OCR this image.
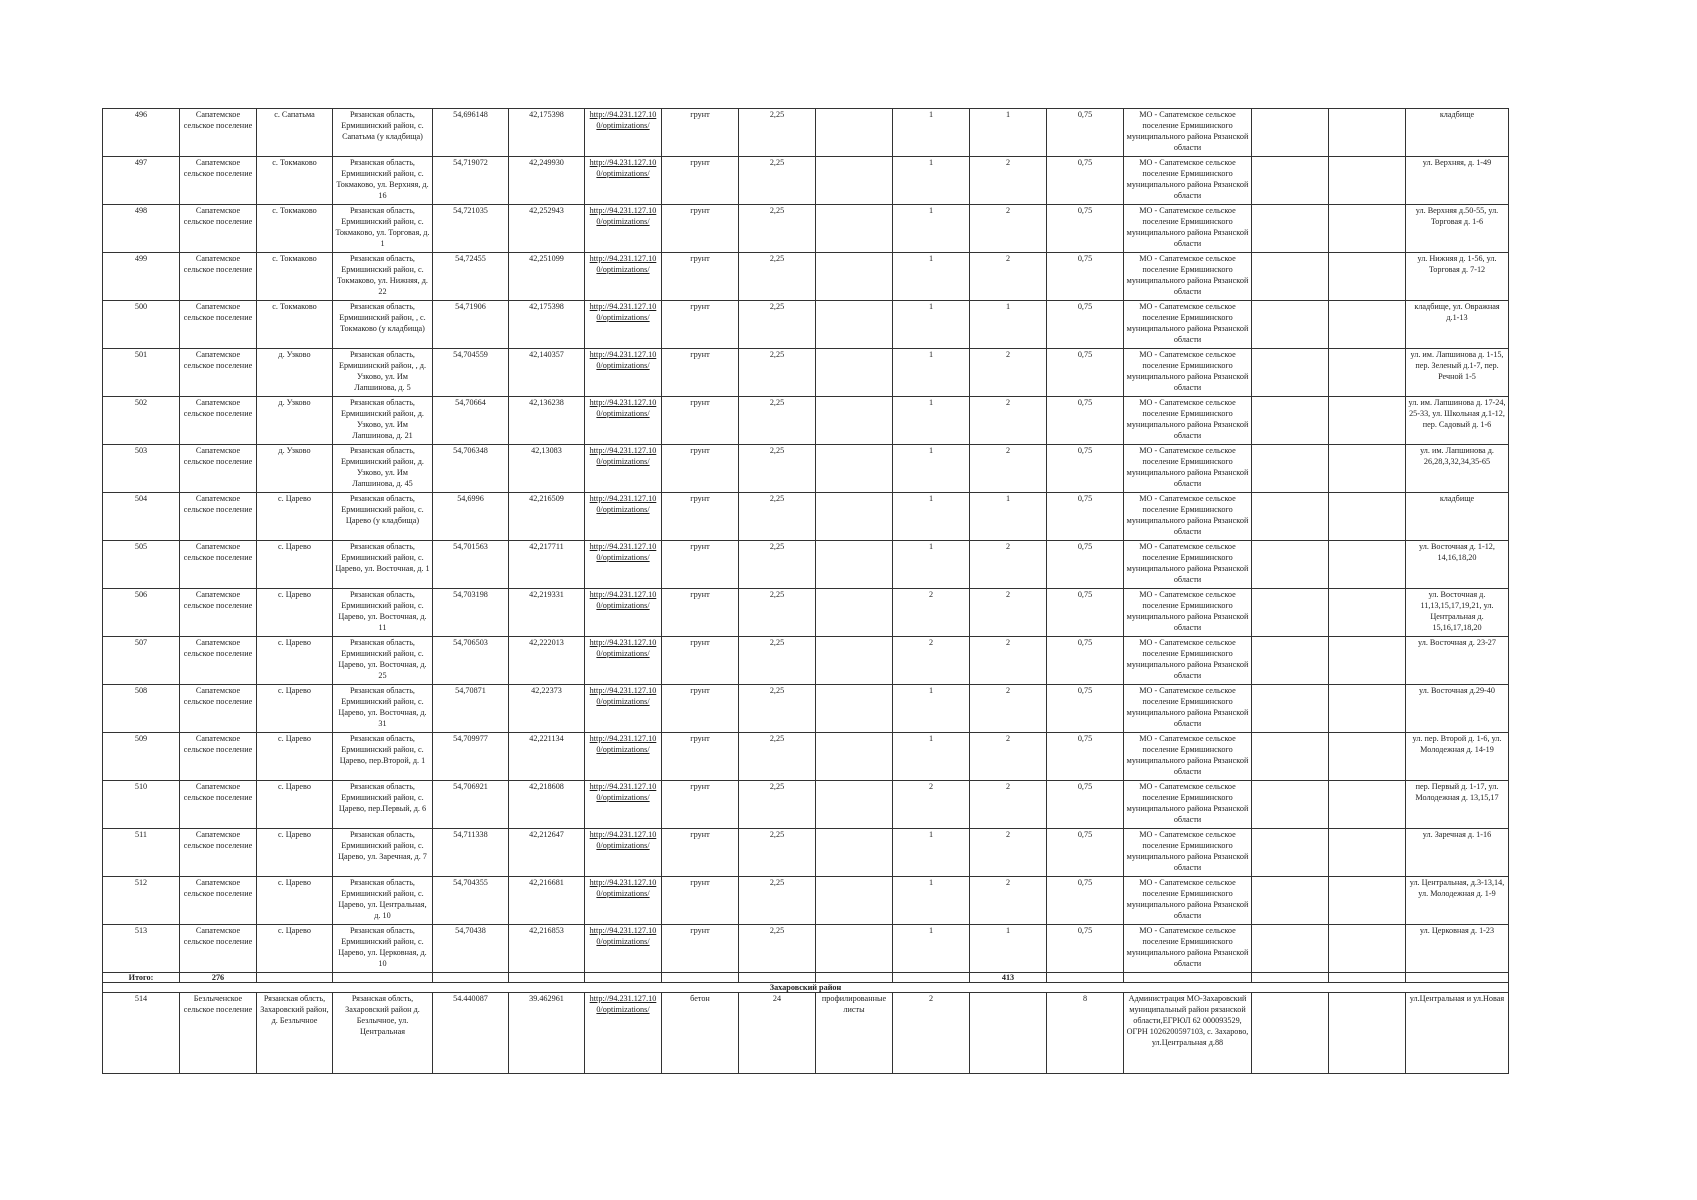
496	Сапатемское сельское поселение	с. Сапатьма	Рязанская область, Ермишинский район, с. Сапатьма (у кладбища)	54,696148	42,175398	http://94.231.127.10 0/optimizations/	грунт	2,25		1	1	0,75	МО - Сапатемское сельское поселение Ермишинского муниципального района Рязанской области			кладбище
497	Сапатемское сельское поселение	с. Токмаково	Рязанская область, Ермишинский район, с. Токмаково, ул. Верхняя, д. 16	54,719072	42,249930	http://94.231.127.10 0/optimizations/	грунт	2,25		1	2	0,75	МО - Сапатемское сельское поселение Ермишинского муниципального района Рязанской области			ул. Верхняя, д. 1-49
498	Сапатемское сельское поселение	с. Токмаково	Рязанская область, Ермишинский район, с. Токмаково, ул. Торговая, д. 1	54,721035	42,252943	http://94.231.127.10 0/optimizations/	грунт	2,25		1	2	0,75	МО - Сапатемское сельское поселение Ермишинского муниципального района Рязанской области			ул. Верхняя д.50-55, ул. Торговая д. 1-6
499	Сапатемское сельское поселение	с. Токмаково	Рязанская область, Ермишинский район, с. Токмаково, ул. Нижняя, д. 22	54,72455	42,251099	http://94.231.127.10 0/optimizations/	грунт	2,25		1	2	0,75	МО - Сапатемское сельское поселение Ермишинского муниципального района Рязанской области			ул. Нижняя д. 1-56, ул. Торговая д. 7-12
500	Сапатемское сельское поселение	с. Токмаково	Рязанская область, Ермишинский район, , с. Токмаково (у кладбища)	54,71906	42,175398	http://94.231.127.10 0/optimizations/	грунт	2,25		1	1	0,75	МО - Сапатемское сельское поселение Ермишинского муниципального района Рязанской области			кладбище, ул. Овражная д.1-13
501	Сапатемское сельское поселение	д. Узково	Рязанская область, Ермишинский район, , д. Узково, ул. Им Лапшинова, д. 5	54,704559	42,140357	http://94.231.127.10 0/optimizations/	грунт	2,25		1	2	0,75	МО - Сапатемское сельское поселение Ермишинского муниципального района Рязанской области			ул. им. Лапшинова д. 1-15, пер. Зеленый д.1-7, пер. Речной 1-5
502	Сапатемское сельское поселение	д. Узково	Рязанская область, Ермишинский район, д. Узково, ул. Им Лапшинова, д. 21	54,70664	42,136238	http://94.231.127.10 0/optimizations/	грунт	2,25		1	2	0,75	МО - Сапатемское сельское поселение Ермишинского муниципального района Рязанской области			ул. им. Лапшинова д. 17-24, 25-33, ул. Школьная д.1-12, пер. Садовый д. 1-6
503	Сапатемское сельское поселение	д. Узково	Рязанская область, Ермишинский район, д. Узково, ул. Им Лапшинова, д. 45	54,706348	42,13083	http://94.231.127.10 0/optimizations/	грунт	2,25		1	2	0,75	МО - Сапатемское сельское поселение Ермишинского муниципального района Рязанской области			ул. им. Лапшинова д. 26,28,3,32,34,35-65
504	Сапатемское сельское поселение	с. Царево	Рязанская область, Ермишинский район, с. Царево (у кладбища)	54,6996	42,216509	http://94.231.127.10 0/optimizations/	грунт	2,25		1	1	0,75	МО - Сапатемское сельское поселение Ермишинского муниципального района Рязанской области			кладбище
505	Сапатемское сельское поселение	с. Царево	Рязанская область, Ермишинский район, с. Царево, ул. Восточная, д. 1	54,701563	42,217711	http://94.231.127.10 0/optimizations/	грунт	2,25		1	2	0,75	МО - Сапатемское сельское поселение Ермишинского муниципального района Рязанской области			ул. Восточная д. 1-12, 14,16,18,20
506	Сапатемское сельское поселение	с. Царево	Рязанская область, Ермишинский район, с. Царево, ул. Восточная, д. 11	54,703198	42,219331	http://94.231.127.10 0/optimizations/	грунт	2,25		2	2	0,75	МО - Сапатемское сельское поселение Ермишинского муниципального района Рязанской области			ул. Восточная д. 11,13,15,17,19,21, ул. Центральная д. 15,16,17,18,20
507	Сапатемское сельское поселение	с. Царево	Рязанская область, Ермишинский район, с. Царево, ул. Восточная, д. 25	54,706503	42,222013	http://94.231.127.10 0/optimizations/	грунт	2,25		2	2	0,75	МО - Сапатемское сельское поселение Ермишинского муниципального района Рязанской области			ул. Восточная д. 23-27
508	Сапатемское сельское поселение	с. Царево	Рязанская область, Ермишинский район, с. Царево, ул. Восточная, д. 31	54,70871	42,22373	http://94.231.127.10 0/optimizations/	грунт	2,25		1	2	0,75	МО - Сапатемское сельское поселение Ермишинского муниципального района Рязанской области			ул. Восточная д.29-40
509	Сапатемское сельское поселение	с. Царево	Рязанская область, Ермишинский район, с. Царево, пер.Второй, д. 1	54,709977	42,221134	http://94.231.127.10 0/optimizations/	грунт	2,25		1	2	0,75	МО - Сапатемское сельское поселение Ермишинского муниципального района Рязанской области			ул. пер. Второй д. 1-6, ул. Молодежная д. 14-19
510	Сапатемское сельское поселение	с. Царево	Рязанская область, Ермишинский район, с. Царево, пер.Первый, д. 6	54,706921	42,218608	http://94.231.127.10 0/optimizations/	грунт	2,25		2	2	0,75	МО - Сапатемское сельское поселение Ермишинского муниципального района Рязанской области			пер. Первый д. 1-17, ул. Молодежная д. 13,15,17
511	Сапатемское сельское поселение	с. Царево	Рязанская область, Ермишинский район, с. Царево, ул. Заречная, д. 7	54,711338	42,212647	http://94.231.127.10 0/optimizations/	грунт	2,25		1	2	0,75	МО - Сапатемское сельское поселение Ермишинского муниципального района Рязанской области			ул. Заречная д. 1-16
512	Сапатемское сельское поселение	с. Царево	Рязанская область, Ермишинский район, с. Царево, ул. Центральная, д. 10	54,704355	42,216681	http://94.231.127.10 0/optimizations/	грунт	2,25		1	2	0,75	МО - Сапатемское сельское поселение Ермишинского муниципального района Рязанской области			ул. Центральная, д.3-13,14, ул. Молодежная д. 1-9
513	Сапатемское сельское поселение	с. Царево	Рязанская область, Ермишинский район, с. Царево, ул. Церковная, д. 10	54,70438	42,216853	http://94.231.127.10 0/optimizations/	грунт	2,25		1	1	0,75	МО - Сапатемское сельское поселение Ермишинского муниципального района Рязанской области			ул. Церковная д. 1-23
Итого:	276										413					
Захаровский район																
514	Безлыченское сельское поселение	Рязанская облсть, Захаровский район, д. Безлычное	Рязанская облсть, Захаровский район д. Безлычное, ул. Центральная	54.440087	39.462961	http://94.231.127.10 0/optimizations/	бетон	24	профилированные листы	2		8	Администрация МО-Захаровский муниципальный район рязанской области,ЕГРЮЛ 62 000093529, ОГРН 1026200597103, с. Захарово, ул.Центральная д.88			ул.Центральная и ул.Новая
